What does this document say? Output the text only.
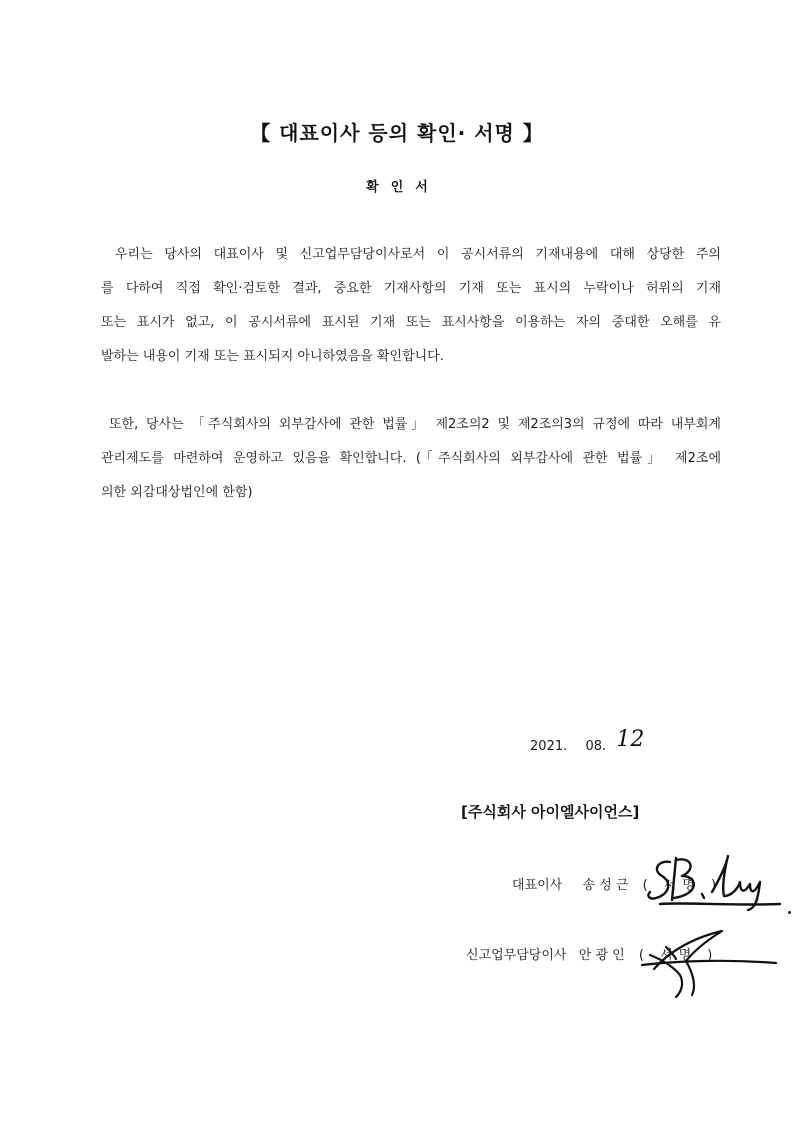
【 대표이사 등의 확인· 서명 】
확인서
우리는 당사의 대표이사 및 신고업무담당이사로서 이 공시서류의 기재내용에 대해 상당한 주의
를 다하여 직접 확인·검토한 결과, 중요한 기재사항의 기재 또는 표시의 누락이나 허위의 기재
또는 표시가 없고, 이 공시서류에 표시된 기재 또는 표시사항을 이용하는 자의 중대한 오해를 유
발하는 내용이 기재 또는 표시되지 아니하였음을 확인합니다.
또한, 당사는 「주식회사의 외부감사에 관한 법률」 제2조의2 및 제2조의3의 규정에 따라 내부회계
관리제도를 마련하여 운영하고 있음을 확인합니다. (「주식회사의 외부감사에 관한 법률」 제2조에
의한 외감대상법인에 한함)
2021. 08. 12
[주식회사 아이엘사이언스]
대표이사 송 성 근 ( 서명 )
신고업무담당이사 안 광 인 ( 서명 )
